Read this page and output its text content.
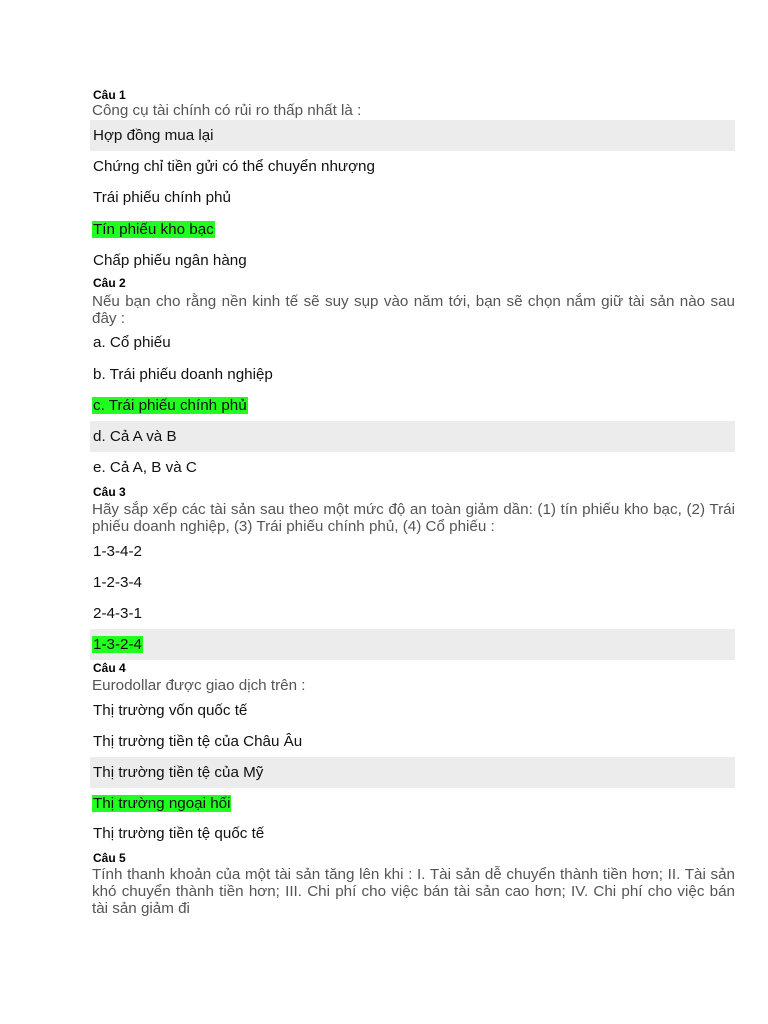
Câu 1

Công cụ tài chính có rủi ro thấp nhất là :

Hợp đồng mua lại
Chứng chỉ tiền gửi có thể chuyển nhượng
Trái phiếu chính phủ
Tín phiếu kho bạc
Chấp phiếu ngân hàng
Câu 2

Nếu bạn cho rằng nền kinh tế sẽ suy sụp vào năm tới, bạn sẽ chọn nắm giữ tài sản nào sau đây :

a. Cổ phiếu
b. Trái phiếu doanh nghiệp
c. Trái phiếu chính phủ
d. Cả A và B
e. Cả A, B và C
Câu 3

Hãy sắp xếp các tài sản sau theo một mức độ an toàn giảm dần: (1) tín phiếu kho bạc, (2) Trái phiếu doanh nghiệp, (3) Trái phiếu chính phủ, (4) Cổ phiếu :

1-3-4-2
1-2-3-4
2-4-3-1
1-3-2-4
Câu 4

Eurodollar được giao dịch trên :

Thị trường vốn quốc tế
Thị trường tiền tệ của Châu Âu
Thị trường tiền tệ của Mỹ
Thị trường ngoại hối
Thị trường tiền tệ quốc tế
Câu 5

Tính thanh khoản của một tài sản tăng lên khi : I. Tài sản dễ chuyển thành tiền hơn; II. Tài sản khó chuyển thành tiền hơn; III. Chi phí cho việc bán tài sản cao hơn; IV. Chi phí cho việc bán tài sản giảm đi
